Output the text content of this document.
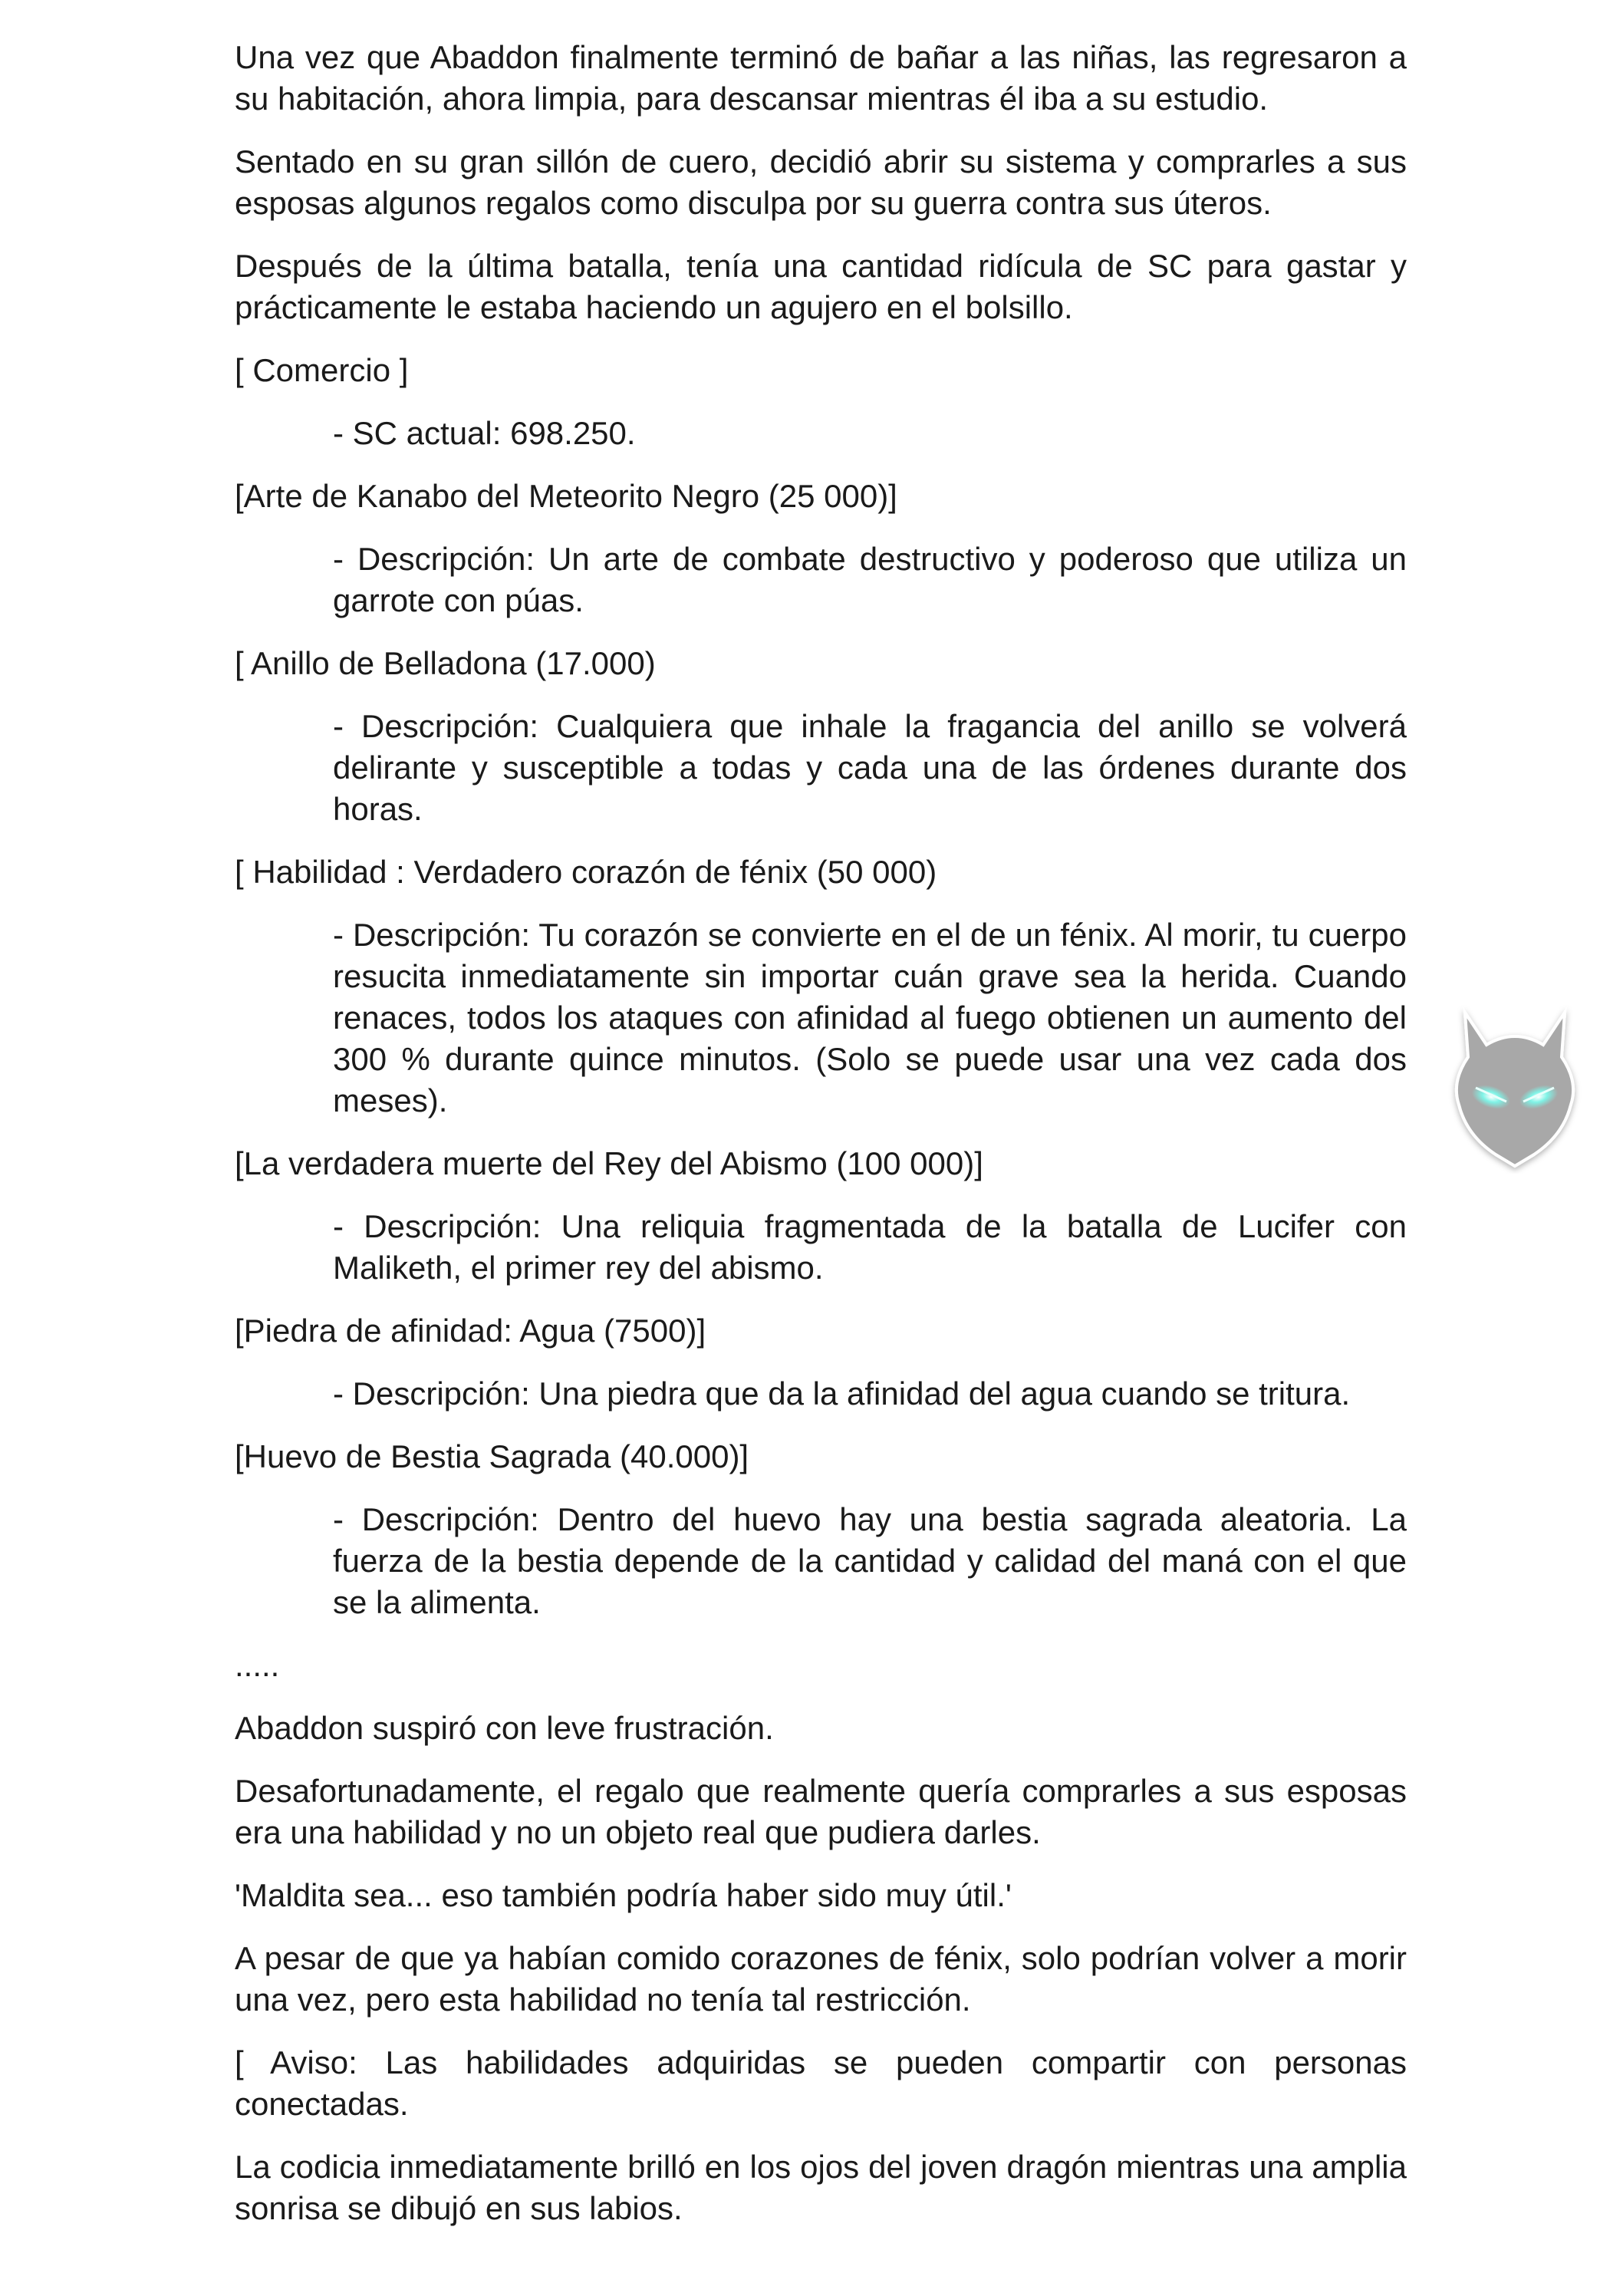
Una vez que Abaddon finalmente terminó de bañar a las niñas, las regresaron a su habitación, ahora limpia, para descansar mientras él iba a su estudio.

Sentado en su gran sillón de cuero, decidió abrir su sistema y comprarles a sus esposas algunos regalos como disculpa por su guerra contra sus úteros.

Después de la última batalla, tenía una cantidad ridícula de SC para gastar y prácticamente le estaba haciendo un agujero en el bolsillo.

[ Comercio ]

- SC actual: 698.250.

[Arte de Kanabo del Meteorito Negro (25 000)]

- Descripción: Un arte de combate destructivo y poderoso que utiliza un garrote con púas.

[ Anillo de Belladona (17.000)

- Descripción: Cualquiera que inhale la fragancia del anillo se volverá delirante y susceptible a todas y cada una de las órdenes durante dos horas.

[ Habilidad : Verdadero corazón de fénix (50 000)

- Descripción: Tu corazón se convierte en el de un fénix. Al morir, tu cuerpo resucita inmediatamente sin importar cuán grave sea la herida. Cuando renaces, todos los ataques con afinidad al fuego obtienen un aumento del 300 % durante quince minutos. (Solo se puede usar una vez cada dos meses).

[La verdadera muerte del Rey del Abismo (100 000)]

- Descripción: Una reliquia fragmentada de la batalla de Lucifer con Maliketh, el primer rey del abismo.

[Piedra de afinidad: Agua (7500)]

- Descripción: Una piedra que da la afinidad del agua cuando se tritura.

[Huevo de Bestia Sagrada (40.000)]

- Descripción: Dentro del huevo hay una bestia sagrada aleatoria. La fuerza de la bestia depende de la cantidad y calidad del maná con el que se la alimenta.

.....

Abaddon suspiró con leve frustración.

Desafortunadamente, el regalo que realmente quería comprarles a sus esposas era una habilidad y no un objeto real que pudiera darles.

'Maldita sea... eso también podría haber sido muy útil.'

A pesar de que ya habían comido corazones de fénix, solo podrían volver a morir una vez, pero esta habilidad no tenía tal restricción.

[ Aviso: Las habilidades adquiridas se pueden compartir con personas conectadas.

La codicia inmediatamente brilló en los ojos del joven dragón mientras una amplia sonrisa se dibujó en sus labios.
